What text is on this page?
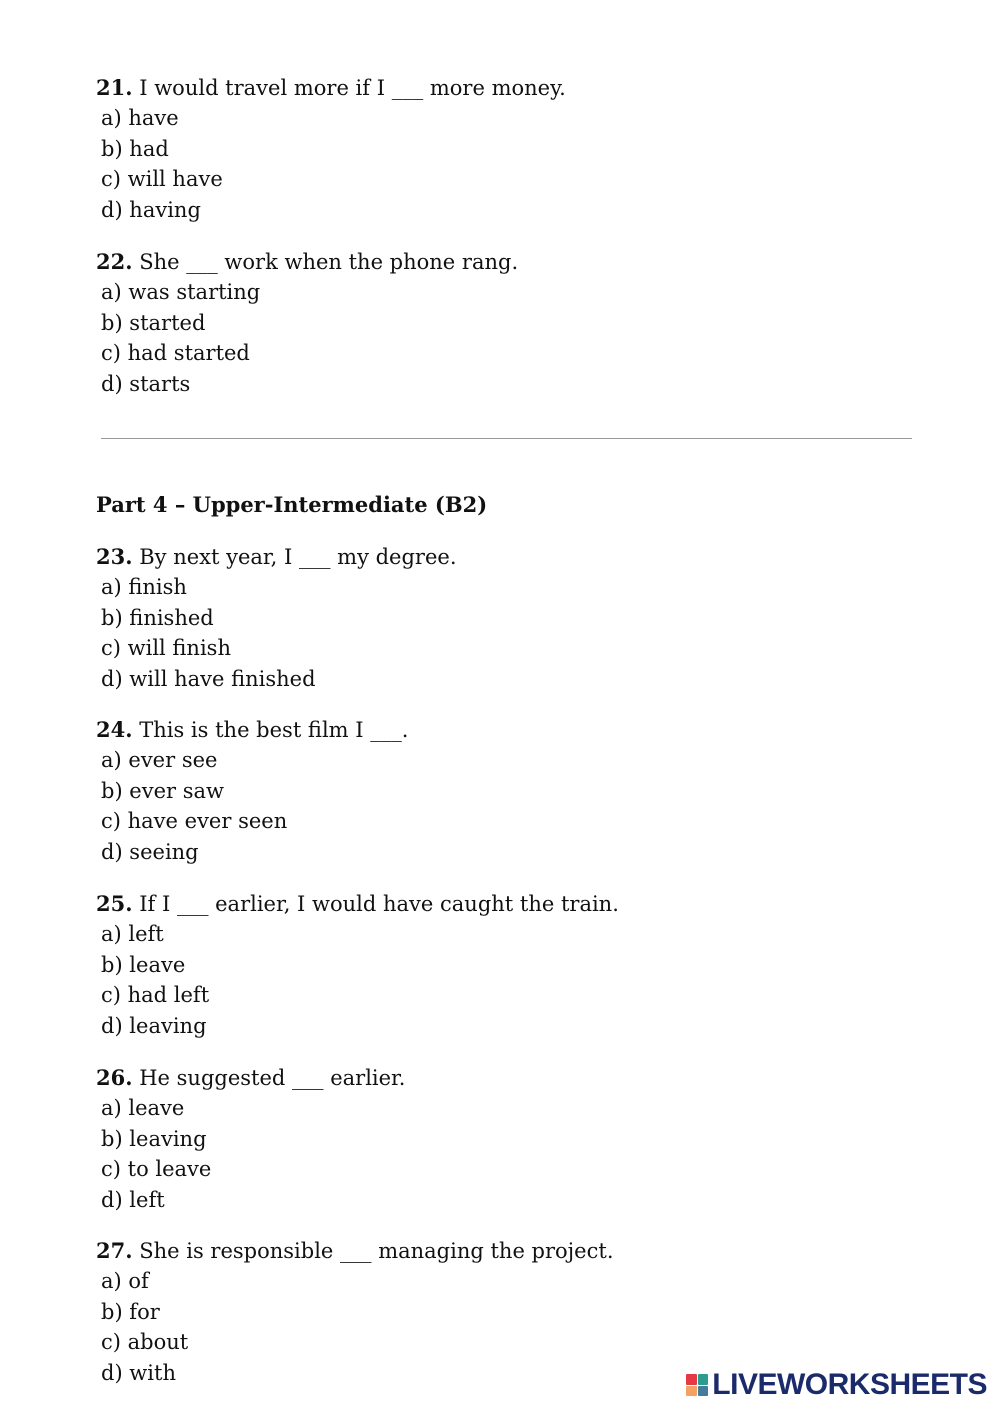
21. I would travel more if I ___ more money.
a) have
b) had
c) will have
d) having
22. She ___ work when the phone rang.
a) was starting
b) started
c) had started
d) starts
Part 4 – Upper-Intermediate (B2)
23. By next year, I ___ my degree.
a) finish
b) finished
c) will finish
d) will have finished
24. This is the best film I ___.
a) ever see
b) ever saw
c) have ever seen
d) seeing
25. If I ___ earlier, I would have caught the train.
a) left
b) leave
c) had left
d) leaving
26. He suggested ___ earlier.
a) leave
b) leaving
c) to leave
d) left
27. She is responsible ___ managing the project.
a) of
b) for
c) about
d) with	LIVEWORKSHEETS
